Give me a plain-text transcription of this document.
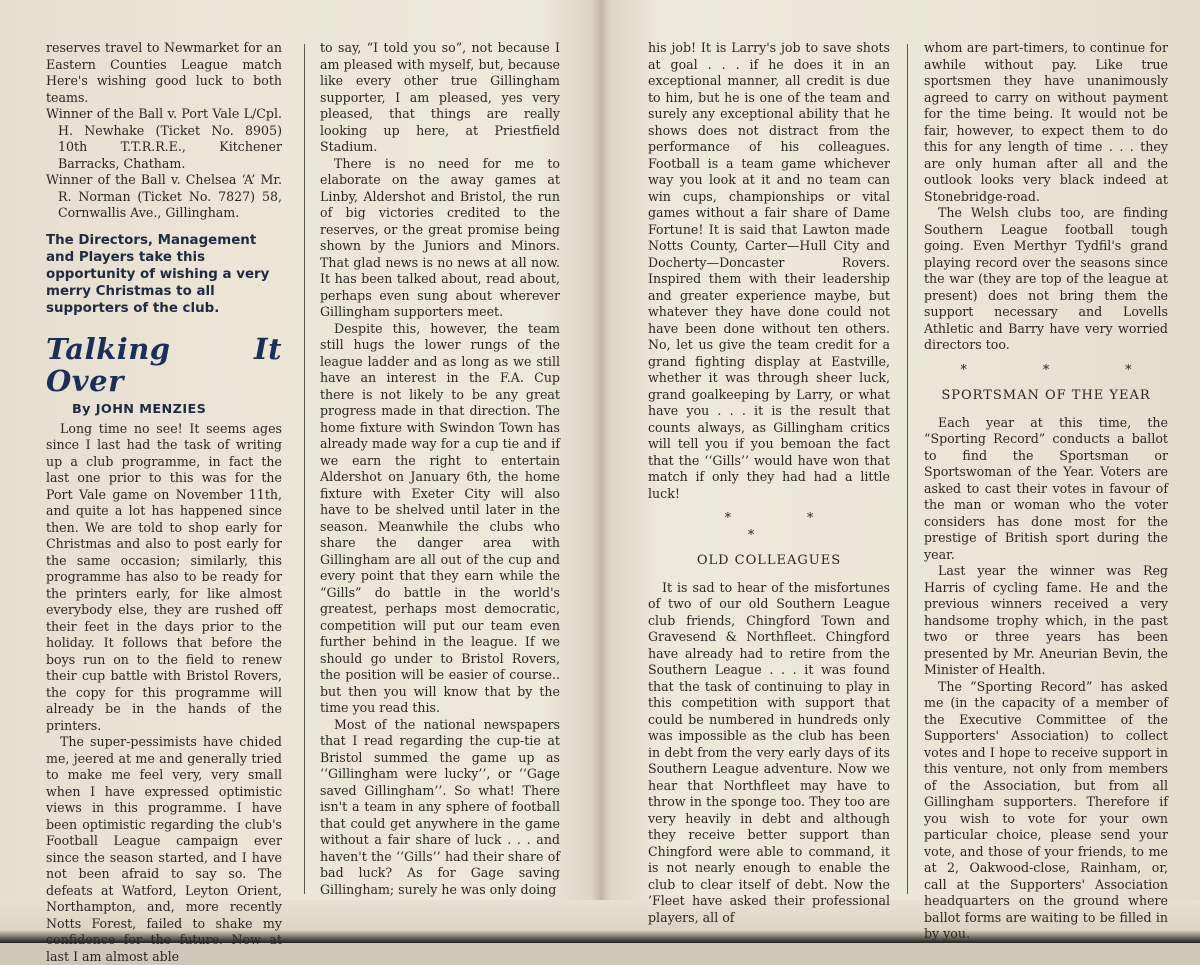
reserves travel to Newmarket for an Eastern Counties League match Here's wishing good luck to both teams.

Winner of the Ball v. Port Vale L/Cpl. H. Newhake (Ticket No. 8905) 10th T.T.R.R.E., Kitchener Barracks, Chatham.

Winner of the Ball v. Chelsea ‘A’ Mr. R. Norman (Ticket No. 7827) 58, Cornwallis Ave., Gillingham.

The Directors, Management and Players take this opportunity of wishing a very merry Christmas to all supporters of the club.
Talking It Over
By JOHN MENZIES

Long time no see! It seems ages since I last had the task of writing up a club programme, in fact the last one prior to this was for the Port Vale game on November 11th, and quite a lot has happened since then. We are told to shop early for Christmas and also to post early for the same occasion; similarly, this programme has also to be ready for the printers early, for like almost everybody else, they are rushed off their feet in the days prior to the holiday. It follows that before the boys run on to the field to renew their cup battle with Bristol Rovers, the copy for this programme will already be in the hands of the printers.

The super-pessimists have chided me, jeered at me and generally tried to make me feel very, very small when I have expressed optimistic views in this programme. I have been optimistic regarding the club's Football League campaign ever since the season started, and I have not been afraid to say so. The defeats at Watford, Leyton Orient, Northampton, and, more recently Notts Forest, failed to shake my confidence for the future. Now at last I am almost able

to say, “I told you so”, not because I am pleased with myself, but, because like every other true Gillingham supporter, I am pleased, yes very pleased, that things are really looking up here, at Priestfield Stadium.

There is no need for me to elaborate on the away games at Linby, Aldershot and Bristol, the run of big victories credited to the reserves, or the great promise being shown by the Juniors and Minors. That glad news is no news at all now. It has been talked about, read about, perhaps even sung about wherever Gillingham supporters meet.

Despite this, however, the team still hugs the lower rungs of the league ladder and as long as we still have an interest in the F.A. Cup there is not likely to be any great progress made in that direction. The home fixture with Swindon Town has already made way for a cup tie and if we earn the right to entertain Aldershot on January 6th, the home fixture with Exeter City will also have to be shelved until later in the season. Meanwhile the clubs who share the danger area with Gillingham are all out of the cup and every point that they earn while the “Gills” do battle in the world's greatest, perhaps most democratic, competition will put our team even further behind in the league. If we should go under to Bristol Rovers, the position will be easier of course.. but then you will know that by the time you read this.

Most of the national newspapers that I read regarding the cup-tie at Bristol summed the game up as ‘‘Gillingham were lucky’’, or ‘‘Gage saved Gillingham’’. So what! There isn't a team in any sphere of football that could get anywhere in the game without a fair share of luck . . . and haven't the ‘‘Gills’’ had their share of bad luck? As for Gage saving Gillingham; surely he was only doing

his job! It is Larry's job to save shots at goal . . . if he does it in an exceptional manner, all credit is due to him, but he is one of the team and surely any exceptional ability that he shows does not distract from the performance of his colleagues. Football is a team game whichever way you look at it and no team can win cups, championships or vital games without a fair share of Dame Fortune! It is said that Lawton made Notts County, Carter—Hull City and Docherty—Doncaster Rovers. Inspired them with their leadership and greater experience maybe, but whatever they have done could not have been done without ten others. No, let us give the team credit for a grand fighting display at Eastville, whether it was through sheer luck, grand goalkeeping by Larry, or what have you . . . it is the result that counts always, as Gillingham critics will tell you if you bemoan the fact that the ‘‘Gills’’ would have won that match if only they had had a little luck!

* * *
OLD COLLEAGUES

It is sad to hear of the misfortunes of two of our old Southern League club friends, Chingford Town and Gravesend & Northfleet. Chingford have already had to retire from the Southern League . . . it was found that the task of continuing to play in this competition with support that could be numbered in hundreds only was impossible as the club has been in debt from the very early days of its Southern League adventure. Now we hear that Northfleet may have to throw in the sponge too. They too are very heavily in debt and although they receive better support than Chingford were able to command, it is not nearly enough to enable the club to clear itself of debt. Now the ’Fleet have asked their professional players, all of

whom are part-timers, to continue for awhile without pay. Like true sportsmen they have unanimously agreed to carry on without payment for the time being. It would not be fair, however, to expect them to do this for any length of time . . . they are only human after all and the outlook looks very black indeed at Stonebridge-road.

The Welsh clubs too, are finding Southern League football tough going. Even Merthyr Tydfil's grand playing record over the seasons since the war (they are top of the league at present) does not bring them the support necessary and Lovells Athletic and Barry have very worried directors too.

* * *
SPORTSMAN OF THE YEAR

Each year at this time, the “Sporting Record” conducts a ballot to find the Sportsman or Sportswoman of the Year. Voters are asked to cast their votes in favour of the man or woman who the voter considers has done most for the prestige of British sport during the year.

Last year the winner was Reg Harris of cycling fame. He and the previous winners received a very handsome trophy which, in the past two or three years has been presented by Mr. Aneurian Bevin, the Minister of Health.

The “Sporting Record” has asked me (in the capacity of a member of the Executive Committee of the Supporters' Association) to collect votes and I hope to receive support in this venture, not only from members of the Association, but from all Gillingham supporters. Therefore if you wish to vote for your own particular choice, please send your vote, and those of your friends, to me at 2, Oakwood-close, Rainham, or, call at the Supporters' Association headquarters on the ground where ballot forms are waiting to be filled in by you.
